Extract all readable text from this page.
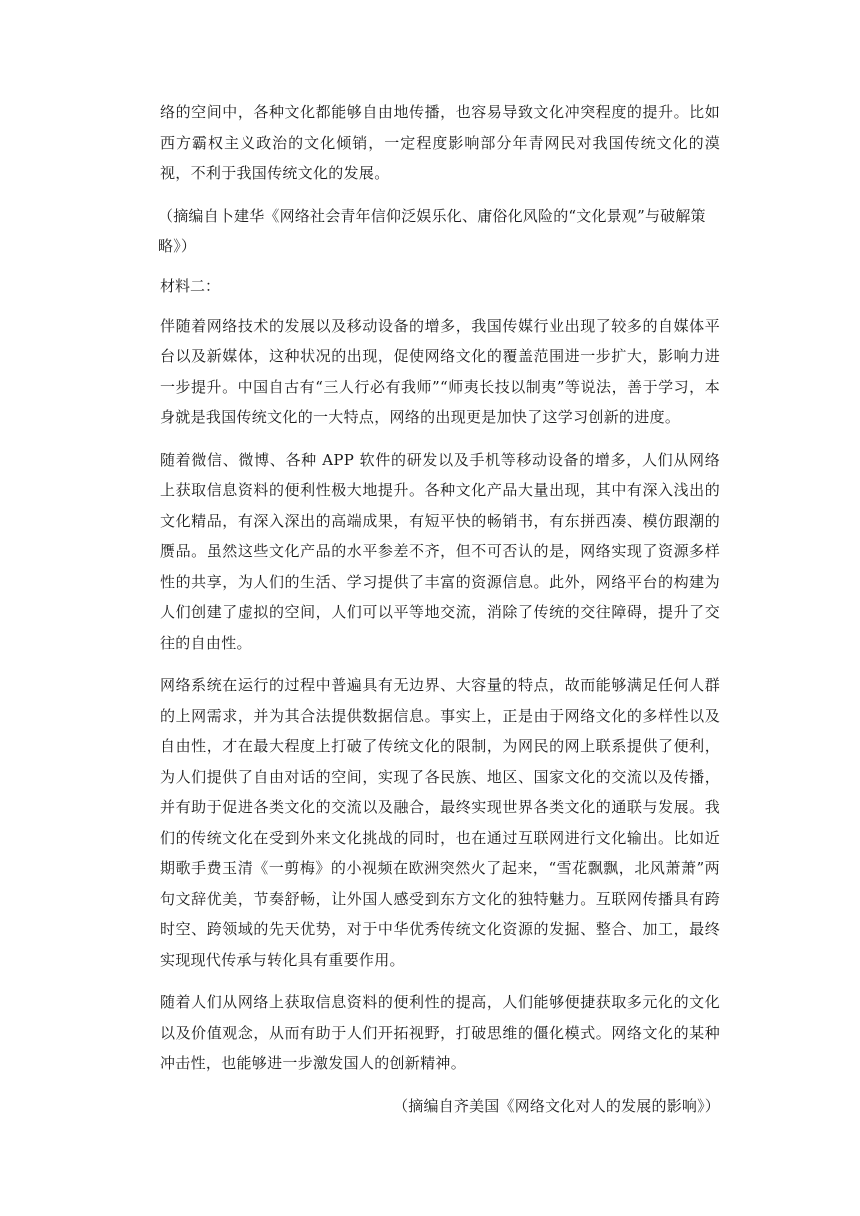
络的空间中，各种文化都能够自由地传播，也容易导致文化冲突程度的提升。比如西方霸权主义政治的文化倾销，一定程度影响部分年青网民对我国传统文化的漠视，不利于我国传统文化的发展。

（摘编自卜建华《网络社会青年信仰泛娱乐化、庸俗化风险的“文化景观”与破解策略》）

材料二：

伴随着网络技术的发展以及移动设备的增多，我国传媒行业出现了较多的自媒体平台以及新媒体，这种状况的出现，促使网络文化的覆盖范围进一步扩大，影响力进一步提升。中国自古有“三人行必有我师”“师夷长技以制夷”等说法，善于学习，本身就是我国传统文化的一大特点，网络的出现更是加快了这学习创新的进度。

随着微信、微博、各种 APP 软件的研发以及手机等移动设备的增多，人们从网络上获取信息资料的便利性极大地提升。各种文化产品大量出现，其中有深入浅出的文化精品，有深入深出的高端成果，有短平快的畅销书，有东拼西凑、模仿跟潮的赝品。虽然这些文化产品的水平参差不齐，但不可否认的是，网络实现了资源多样性的共享，为人们的生活、学习提供了丰富的资源信息。此外，网络平台的构建为人们创建了虚拟的空间，人们可以平等地交流，消除了传统的交往障碍，提升了交往的自由性。

网络系统在运行的过程中普遍具有无边界、大容量的特点，故而能够满足任何人群的上网需求，并为其合法提供数据信息。事实上，正是由于网络文化的多样性以及自由性，才在最大程度上打破了传统文化的限制，为网民的网上联系提供了便利，为人们提供了自由对话的空间，实现了各民族、地区、国家文化的交流以及传播，并有助于促进各类文化的交流以及融合，最终实现世界各类文化的通联与发展。我们的传统文化在受到外来文化挑战的同时，也在通过互联网进行文化输出。比如近期歌手费玉清《一剪梅》的小视频在欧洲突然火了起来，“雪花飘飘，北风萧萧”两句文辞优美，节奏舒畅，让外国人感受到东方文化的独特魅力。互联网传播具有跨时空、跨领域的先天优势，对于中华优秀传统文化资源的发掘、整合、加工，最终实现现代传承与转化具有重要作用。

随着人们从网络上获取信息资料的便利性的提高，人们能够便捷获取多元化的文化以及价值观念，从而有助于人们开拓视野，打破思维的僵化模式。网络文化的某种冲击性，也能够进一步激发国人的创新精神。

（摘编自齐美国《网络文化对人的发展的影响》）
